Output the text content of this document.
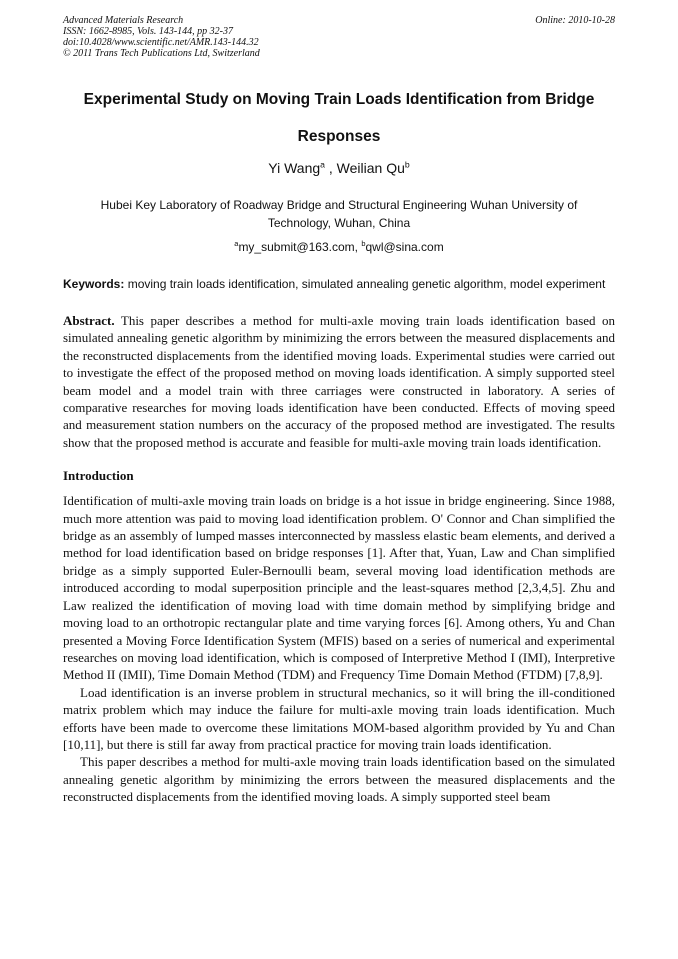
Advanced Materials Research
ISSN: 1662-8985, Vols. 143-144, pp 32-37
doi:10.4028/www.scientific.net/AMR.143-144.32
© 2011 Trans Tech Publications Ltd, Switzerland
Online: 2010-10-28
Experimental Study on Moving Train Loads Identification from Bridge Responses
Yi Wang$^a$ , Weilian Qu$^b$
Hubei Key Laboratory of Roadway Bridge and Structural Engineering Wuhan University of Technology, Wuhan, China
$^a$my_submit@163.com, $^b$qwl@sina.com
Keywords: moving train loads identification, simulated annealing genetic algorithm, model experiment
Abstract. This paper describes a method for multi-axle moving train loads identification based on simulated annealing genetic algorithm by minimizing the errors between the measured displacements and the reconstructed displacements from the identified moving loads. Experimental studies were carried out to investigate the effect of the proposed method on moving loads identification. A simply supported steel beam model and a model train with three carriages were constructed in laboratory. A series of comparative researches for moving loads identification have been conducted. Effects of moving speed and measurement station numbers on the accuracy of the proposed method are investigated. The results show that the proposed method is accurate and feasible for multi-axle moving train loads identification.
Introduction

Identification of multi-axle moving train loads on bridge is a hot issue in bridge engineering. Since 1988, much more attention was paid to moving load identification problem. O' Connor and Chan simplified the bridge as an assembly of lumped masses interconnected by massless elastic beam elements, and derived a method for load identification based on bridge responses [1]. After that, Yuan, Law and Chan simplified bridge as a simply supported Euler-Bernoulli beam, several moving load identification methods are introduced according to modal superposition principle and the least-squares method [2,3,4,5]. Zhu and Law realized the identification of moving load with time domain method by simplifying bridge and moving load to an orthotropic rectangular plate and time varying forces [6]. Among others, Yu and Chan presented a Moving Force Identification System (MFIS) based on a series of numerical and experimental researches on moving load identification, which is composed of Interpretive Method I (IMI), Interpretive Method II (IMII), Time Domain Method (TDM) and Frequency Time Domain Method (FTDM) [7,8,9].

Load identification is an inverse problem in structural mechanics, so it will bring the ill-conditioned matrix problem which may induce the failure for multi-axle moving train loads identification. Much efforts have been made to overcome these limitations MOM-based algorithm provided by Yu and Chan [10,11], but there is still far away from practical practice for moving train loads identification.

This paper describes a method for multi-axle moving train loads identification based on the simulated annealing genetic algorithm by minimizing the errors between the measured displacements and the reconstructed displacements from the identified moving loads. A simply supported steel beam
